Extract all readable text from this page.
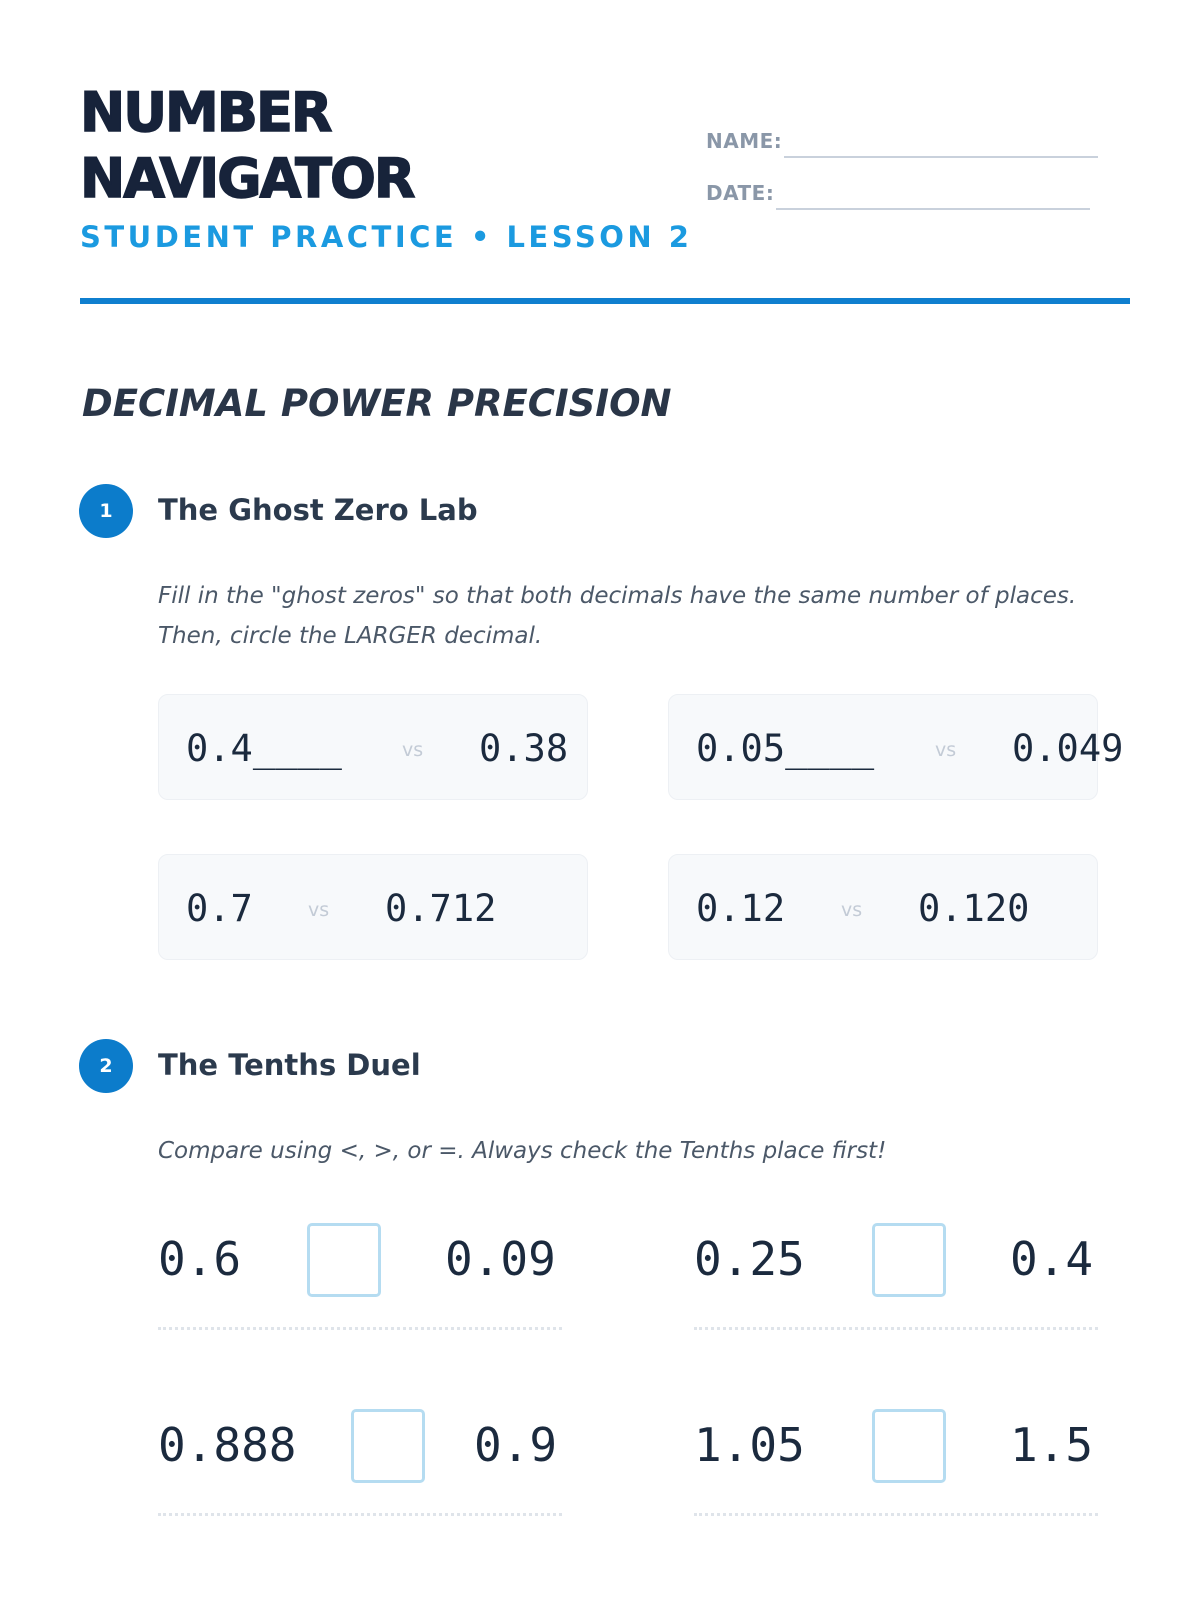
NUMBER
NAVIGATOR
STUDENT PRACTICE • LESSON 2
NAME:
DATE:
DECIMAL POWER PRECISION
1	The Ghost Zero Lab
Fill in the "ghost zeros" so that both decimals have the same number of places. Then, circle the LARGER decimal.
0.4____	vs 0.38	0.05____	vs 0.049
0.7	vs 0.712	0.12	vs 0.120
2	The Tenths Duel
Compare using <, >, or =. Always check the Tenths place first!
0.6	0.09	0.25	0.4
0.888	0.9	1.05	1.5
